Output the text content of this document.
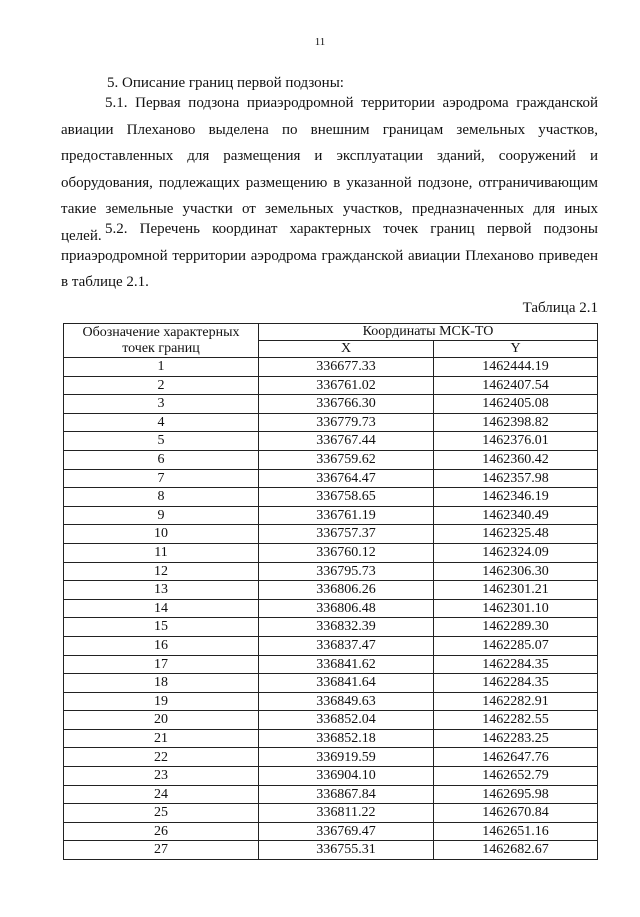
11
5. Описание границ первой подзоны:
5.1. Первая подзона приаэродромной территории аэродрома гражданской авиации Плеханово выделена по внешним границам земельных участков, предоставленных для размещения и эксплуатации зданий, сооружений и оборудования, подлежащих размещению в указанной подзоне, отграничивающим такие земельные участки от земельных участков, предназначенных для иных целей. 5.2. Перечень координат характерных точек границ первой подзоны приаэродромной территории аэродрома гражданской авиации Плеханово приведен в таблице 2.1.
Таблица 2.1
Обозначение характерных точек границ	Координаты МСК-ТО	
	X	Y
1	336677.33	1462444.19
2	336761.02	1462407.54
3	336766.30	1462405.08
4	336779.73	1462398.82
5	336767.44	1462376.01
6	336759.62	1462360.42
7	336764.47	1462357.98
8	336758.65	1462346.19
9	336761.19	1462340.49
10	336757.37	1462325.48
11	336760.12	1462324.09
12	336795.73	1462306.30
13	336806.26	1462301.21
14	336806.48	1462301.10
15	336832.39	1462289.30
16	336837.47	1462285.07
17	336841.62	1462284.35
18	336841.64	1462284.35
19	336849.63	1462282.91
20	336852.04	1462282.55
21	336852.18	1462283.25
22	336919.59	1462647.76
23	336904.10	1462652.79
24	336867.84	1462695.98
25	336811.22	1462670.84
26	336769.47	1462651.16
27	336755.31	1462682.67
